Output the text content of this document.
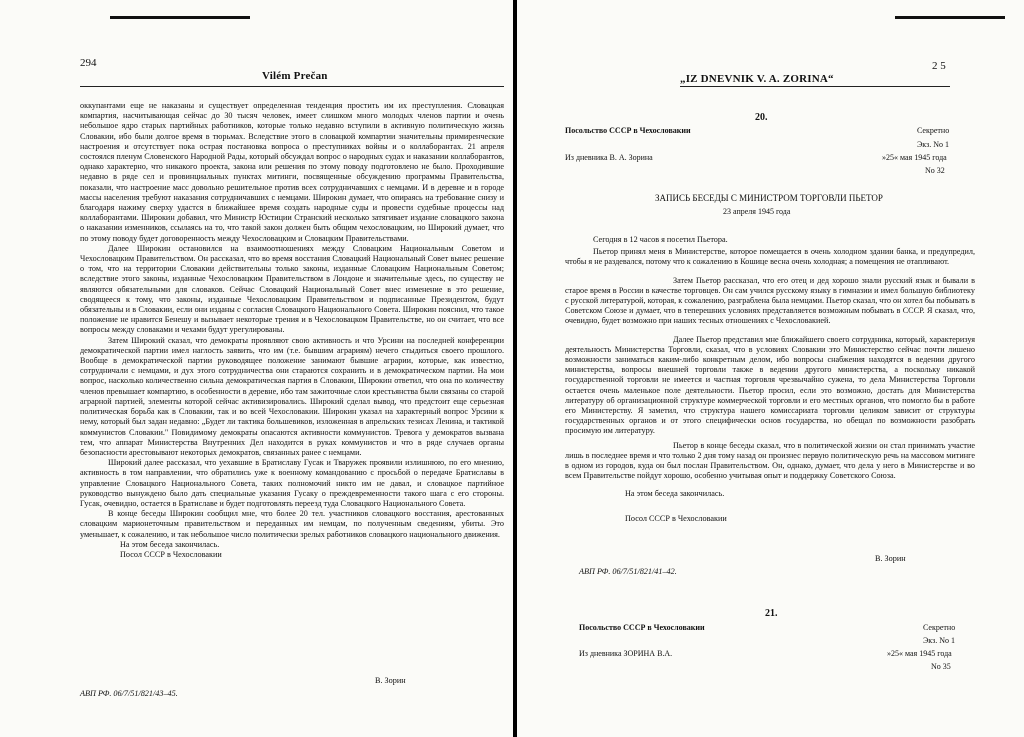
294
Vilém Prečan

оккупантами еще не наказаны и существует определенная тенденция простить им их преступления. Словацкая компартия, насчитывающая сейчас до 30 тысяч человек, имеет слишком много молодых членов партии и очень небольшое ядро старых партийных работников, которые только недавно вступили в активную политическую жизнь Словакии, ибо были долгое время в тюрьмах. Вследствие этого в словацкой компартии значительны примиренческие настроения и отсутствует пока острая постановка вопроса о преступниках войны и о коллаборантах. 21 апреля состоялся пленум Словенского Народной Рады, который обсуждал вопрос о народных судах и наказании коллаборантов, однако характерно, что никакого проекта, закона или решения по этому поводу подготовлено не было. Проходившие недавно в ряде сел и провинциальных пунктах митинги, посвященные обсуждению программы Правительства, показали, что настроение масс довольно решительное против всех сотрудничавших с немцами. И в деревне и в городе массы населения требуют наказания сотрудничавших с немцами. Широкин думает, что опираясь на требование снизу и благодаря нажиму сверху удастся в ближайшее время создать народные суды и провести судебные процессы над коллаборантами. Широкин добавил, что Министр Юстиции Странский несколько затягивает издание словацкого закона о наказании изменников, ссылаясь на то, что такой закон должен быть общим чехословацким, но Широкий думает, что по этому поводу будет договоренность между Чехословацким и Словацким Правительствами.

Далее Широкин остановился на взаимоотношениях между Словацким Национальным Советом и Чехословацким Правительством. Он рассказал, что во время восстания Словацкий Национальный Совет вынес решение о том, что на территории Словакии действительны только законы, изданные Словацким Национальным Советом; вследствие этого законы, изданные Чехословацким Правительством в Лондоне и значительные здесь, по существу не являются обязательными для словаков. Сейчас Словацкий Национальный Совет внес изменение в это решение, сводящееся к тому, что законы, изданные Чехословацким Правительством и подписанные Президентом, будут обязательны и в Словакии, если они изданы с согласия Словацкого Национального Совета. Широкин пояснил, что такое положение не нравится Бенешу и вызывает некоторые трения и в Чехословацком Правительстве, но он считает, что все вопросы между словаками и чехами будут урегулированы.

Затем Широкий сказал, что демократы проявляют свою активность и что Урсини на последней конференции демократической партии имел наглость заявить, что им (т.е. бывшим аграриям) нечего стыдиться своего прошлого. Вообще в демократической партии руководящее положение занимают бывшие аграрии, которые, как известно, сотрудничали с немцами, и дух этого сотрудничества они стараются сохранить и в демократическом партии. На мои вопрос, насколько количественно сильна демократическая партия в Словакии, Широкин ответил, что она по количеству членов превышает компартию, в особенности в деревне, ибо там зажиточные слои крестьянства были связаны со старой аграрной партией, элементы которой сейчас активизировались. Широкий сделал вывод, что предстоит еще серьезная политическая борьба как в Словакии, так и во всей Чехословакии. Широкин указал на характерный вопрос Урсини к нему, который был задан недавно: „Будет ли тактика большевиков, изложенная в апрельских тезисах Ленина, и тактикой коммунистов Словакии." Повидимому демократы опасаются активности коммунистов. Тревога у демократов вызвана тем, что аппарат Министерства Внутренних Дел находится в руках коммунистов и что в ряде случаев органы безопасности арестовывают некоторых демократов, связанных ранее с немцами.

Широкий далее рассказал, что уехавшие в Братиславу Гусак и Тваружек проявили излишнюю, по его мнению, активность в том направлении, что обратились уже к военному командованию с просьбой о передаче Братиславы в управление Словацкого Национального Совета, таких полномочий никто им не давал, и словацкое партийное руководство вынуждено было дать специальные указания Гусаку о преждевременности такого шага с его стороны. Гусак, очевидно, остается в Братиславе и будет подготовлять переезд туда Словацкого Национального Совета.

В конце беседы Широкин сообщил мне, что более 20 тел. участников словацкого восстания, арестованных словацким марионеточным правительством и переданных им немцам, по полученным сведениям, убиты. Это уменьшает, к сожалению, и так небольшое число политически зрелых работников словацкого национального движения.

На этом беседа закончилась.

Посол СССР в Чехословакии

В. Зорин
АВП РФ. 06/7/51/821/43–45.
„IZ DNEVNIK V. A. ZORINA“
2 5
20.
Посольство СССР в Чехословакии	Секретно
Экз. No 1
Из дневника В. А. Зорина	»25« мая 1945 года
No 32
ЗАПИСЬ БЕСЕДЫ С МИНИСТРОМ ТОРГОВЛИ ПЬЕТОР
23 апреля 1945 года

Сегодня в 12 часов я посетил Пьетора.

Пьетор принял меня в Министерстве, которое помещается в очень холодном здании банка, и предупредил, чтобы я не раздевался, потому что к сожалению в Кошице весна очень холодная; а помещения не отапливают.

Затем Пьетор рассказал, что его отец и дед хорошо знали русский язык и бывали в старое время в России в качестве торговцев. Он сам учился русскому языку в гимназии и имел большую библиотеку с русской литературой, которая, к сожалению, разграблена была немцами. Пьетор сказал, что он хотел бы побывать в Советском Союзе и думает, что в теперешних условиях представляется возможным побывать в СССР. Я сказал, что, очевидно, будет возможно при наших тесных отношениях с Чехословакией.

Далее Пьетор представил мне ближайшего своего сотрудника, который, характеризуя деятельность Министерства Торговли, сказал, что в условиях Словакии это Министерство сейчас почти лишено возможности заниматься каким-либо конкретным делом, ибо вопросы снабжения находятся в ведении другого министерства, вопросы внешней торговли также в ведении другого министерства, а поскольку никакой государственной торговли не имеется и частная торговля чрезвычайно сужена, то дела Министерства Торговли остается очень маленькое поле деятельности. Пьетор просил, если это возможно, достать для Министерства литературу об организационной структуре коммерческой торговли и его местных органов, что помогло бы в работе его Министерству. Я заметил, что структура нашего комиссариата торговли целиком зависит от структуры государственных органов и от этого специфически основ государства, но обещал по возможности разобрать просимую им литературу.

Пьетор в конце беседы сказал, что в политической жизни он стал принимать участие лишь в последнее время и что только 2 дня тому назад он произнес первую политическую речь на массовом митинге в одном из городов, куда он был послан Правительством. Он, однако, думает, что дела у него в Министерстве и во всем Правительстве пойдут хорошо, особенно учитывая опыт и поддержку Советского Союза.

На этом беседа закончилась.

Посол СССР в Чехословакии

В. Зорин
АВП РФ. 06/7/51/821/41–42.
21.
Посольство СССР в Чехословакии	Секретно
Экз. No 1
Из дневника ЗОРИНА В.А.	»25« мая 1945 года
No 35
